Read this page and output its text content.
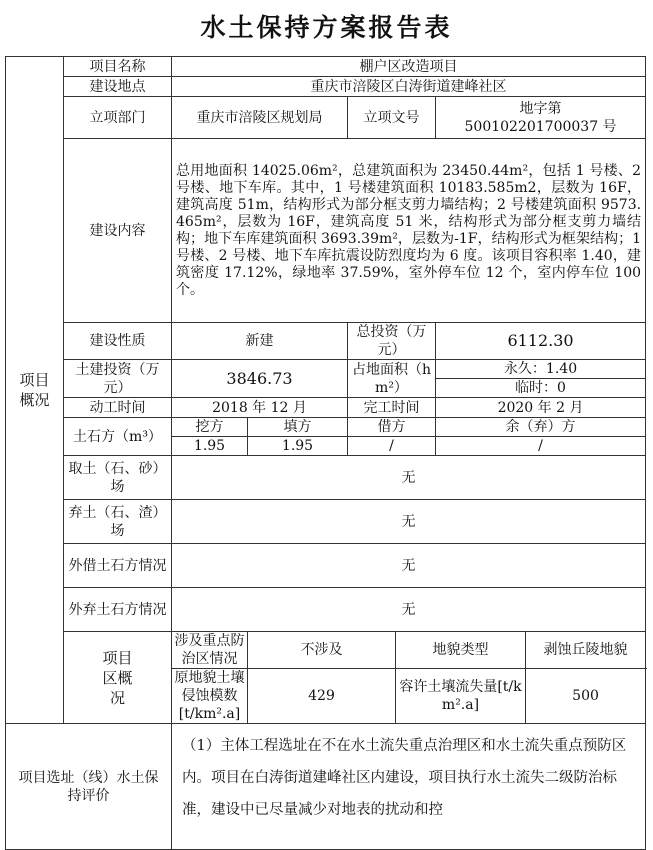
水土保持方案报告表
项目概况	项目名称	棚户区改造项目					
	建设地点	重庆市涪陵区白涛街道建峰社区					
	立项部门	重庆市涪陵区规划局		立项文号		地字第
500102201700037 号	

	建设内容	总用地面积 14025.06m²，总建筑面积为 23450.44m²，包括 1 号楼、2 号楼、地下车库。其中，1 号楼建筑面积 10183.585m2，层数为 16F，建筑高度 51m，结构形式为部分框支剪力墙结构；2 号楼建筑面积 9573.465m²，层数为 16F，建筑高度 51 米，结构形式为部分框支剪力墙结构；地下车库建筑面积 3693.39m²，层数为-1F，结构形式为框架结构；1 号楼、2 号楼、地下车库抗震设防烈度均为 6 度。该项目容积率 1.40，建筑密度 17.12%，绿地率 37.59%，室外停车位 12 个，室内停车位 100 个。					
	建设性质	新建		总投资（万元）		6112.30	
	土建投资（万元）	3846.73		占地面积（hm²）		永久：1.40	
						临时：0	
	动工时间	2018 年 12 月		完工时间		2020 年 2 月	
	土石方（m³）	挖方	填方	借方		余（弃）方	
		1.95	1.95	/		/	
	取土（石、砂）场	无					
	弃土（石、渣）场	无					
	外借土石方情况	无					
	外弃土石方情况	无					
	项目区概况	涉及重点防治区情况	不涉及		地貌类型		剥蚀丘陵地貌
		原地貌土壤侵蚀模数[t/km².a]	429		容许土壤流失量[t/km².a]		500
项目选址（线）水土保持评价		（1）主体工程选址在不在水土流失重点治理区和水土流失重点预防区内。项目在白涛街道建峰社区内建设，项目执行水土流失二级防治标准，建设中已尽量减少对地表的扰动和控					
